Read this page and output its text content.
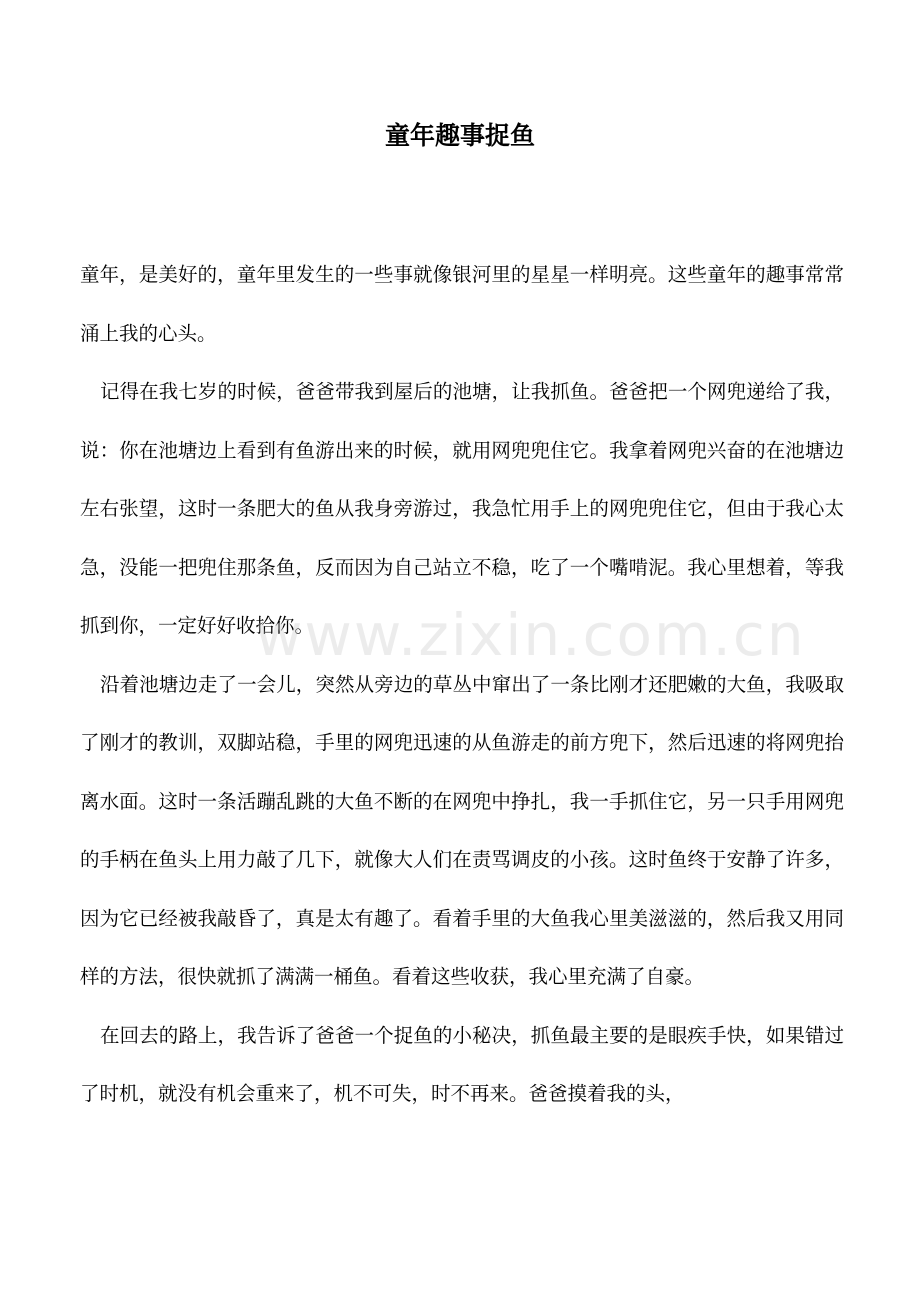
童年趣事捉鱼

童年，是美好的，童年里发生的一些事就像银河里的星星一样明亮。这些童年的趣事常常涌上我的心头。

记得在我七岁的时候，爸爸带我到屋后的池塘，让我抓鱼。爸爸把一个网兜递给了我，说：你在池塘边上看到有鱼游出来的时候，就用网兜兜住它。我拿着网兜兴奋的在池塘边左右张望，这时一条肥大的鱼从我身旁游过，我急忙用手上的网兜兜住它，但由于我心太急，没能一把兜住那条鱼，反而因为自己站立不稳，吃了一个嘴啃泥。我心里想着，等我抓到你，一定好好收拾你。

沿着池塘边走了一会儿，突然从旁边的草丛中窜出了一条比刚才还肥嫩的大鱼，我吸取了刚才的教训，双脚站稳，手里的网兜迅速的从鱼游走的前方兜下，然后迅速的将网兜抬离水面。这时一条活蹦乱跳的大鱼不断的在网兜中挣扎，我一手抓住它，另一只手用网兜的手柄在鱼头上用力敲了几下，就像大人们在责骂调皮的小孩。这时鱼终于安静了许多，因为它已经被我敲昏了，真是太有趣了。看着手里的大鱼我心里美滋滋的，然后我又用同样的方法，很快就抓了满满一桶鱼。看着这些收获，我心里充满了自豪。

在回去的路上，我告诉了爸爸一个捉鱼的小秘决，抓鱼最主要的是眼疾手快，如果错过了时机，就没有机会重来了，机不可失，时不再来。爸爸摸着我的头，

www.zixin.com.cn
